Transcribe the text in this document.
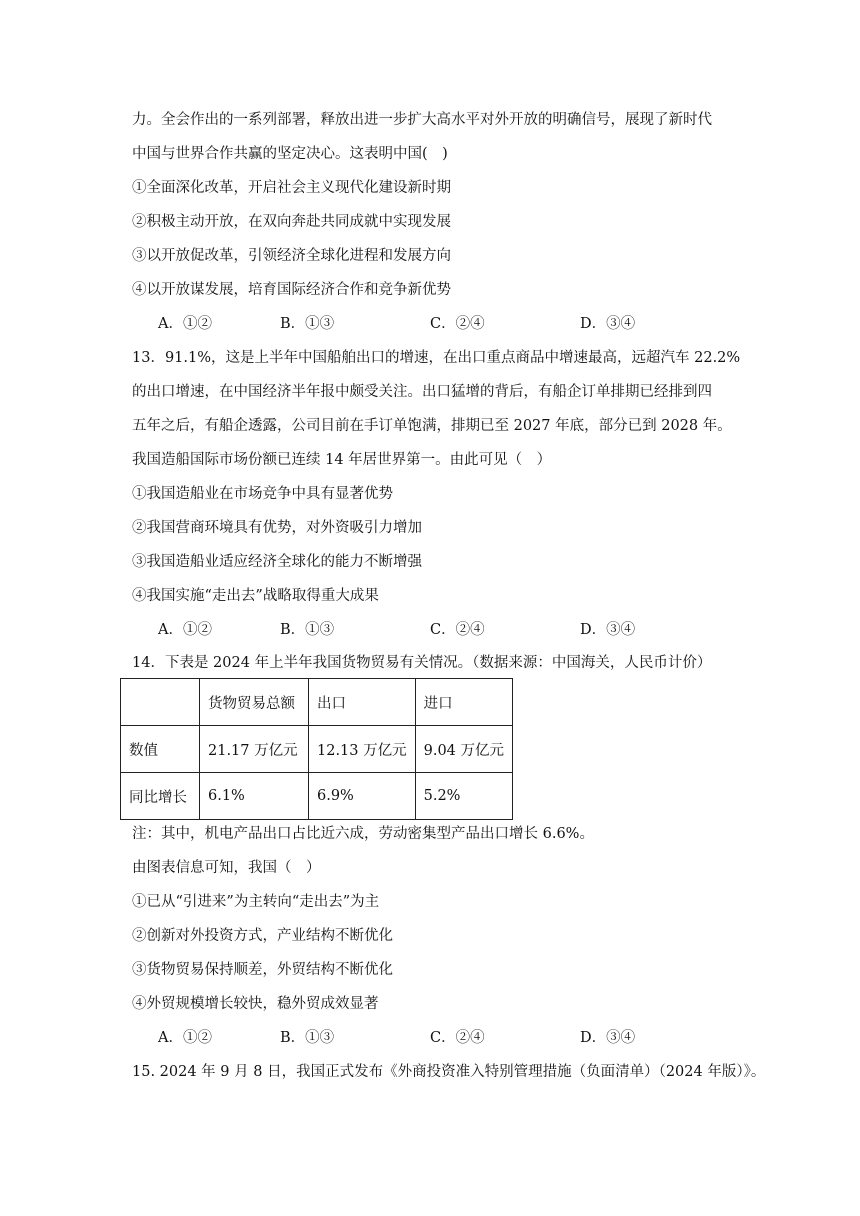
力。全会作出的一系列部署，释放出进一步扩大高水平对外开放的明确信号，展现了新时代
中国与世界合作共赢的坚定决心。这表明中国(　)
①全面深化改革，开启社会主义现代化建设新时期
②积极主动开放，在双向奔赴共同成就中实现发展
③以开放促改革，引领经济全球化进程和发展方向
④以开放谋发展，培育国际经济合作和竞争新优势
A．①②	B．①③	C．②④	D．③④
13．91.1%，这是上半年中国船舶出口的增速，在出口重点商品中增速最高，远超汽车 22.2%
的出口增速，在中国经济半年报中颇受关注。出口猛增的背后，有船企订单排期已经排到四
五年之后，有船企透露，公司目前在手订单饱满，排期已至 2027 年底，部分已到 2028 年。
我国造船国际市场份额已连续 14 年居世界第一。由此可见（　）
①我国造船业在市场竞争中具有显著优势
②我国营商环境具有优势，对外资吸引力增加
③我国造船业适应经济全球化的能力不断增强
④我国实施“走出去”战略取得重大成果
A．①②	B．①③	C．②④	D．③④
14．下表是 2024 年上半年我国货物贸易有关情况。（数据来源：中国海关，人民币计价）
	货物贸易总额	出口	进口
数值	21.17 万亿元	12.13 万亿元	9.04 万亿元
同比增长	6.1%	6.9%	5.2%
注：其中，机电产品出口占比近六成，劳动密集型产品出口增长 6.6%。
由图表信息可知，我国（　）
①已从“引进来”为主转向“走出去”为主
②创新对外投资方式，产业结构不断优化
③货物贸易保持顺差，外贸结构不断优化
④外贸规模增长较快，稳外贸成效显著
A．①②	B．①③	C．②④	D．③④
15. 2024 年 9 月 8 日，我国正式发布《外商投资准入特别管理措施（负面清单）（2024 年版）》。
